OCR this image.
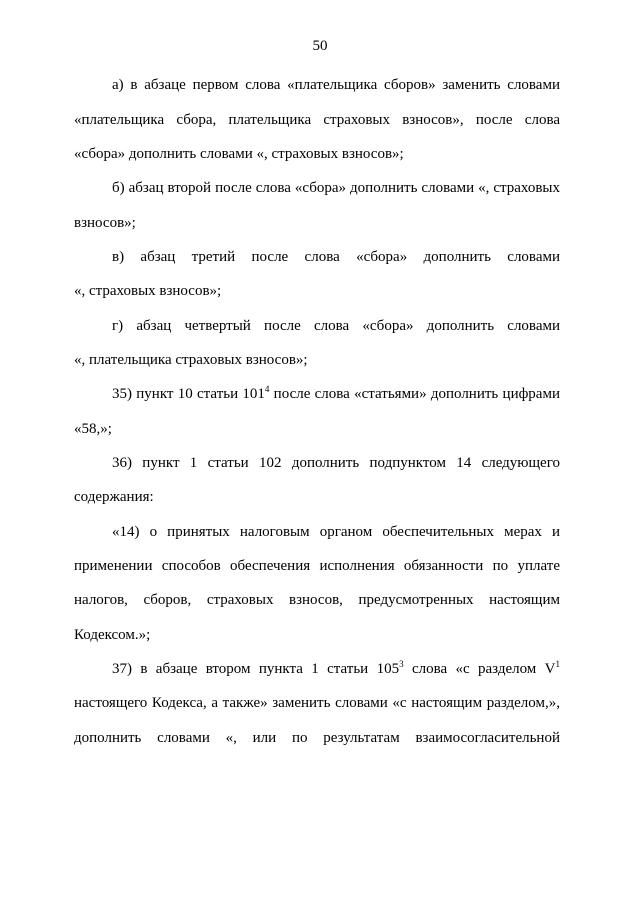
50
а) в абзаце первом слова «плательщика сборов» заменить словами
«плательщика сбора, плательщика страховых взносов», после слова
«сбора» дополнить словами «, страховых взносов»;
б) абзац второй после слова «сбора» дополнить словами «, страховых
взносов»;
в) абзац третий после слова «сбора» дополнить словами
«, страховых взносов»;
г) абзац четвертый после слова «сбора» дополнить словами
«, плательщика страховых взносов»;
35) пункт 10 статьи $101^4$ после слова «статьями» дополнить цифрами
«58,»;
36) пункт 1 статьи 102 дополнить подпунктом 14 следующего
содержания:
«14) о принятых налоговым органом обеспечительных мерах и
применении способов обеспечения исполнения обязанности по уплате
налогов, сборов, страховых взносов, предусмотренных настоящим
Кодексом.»;
37) в абзаце втором пункта 1 статьи $105^3$ слова «с разделом $V^1$
настоящего Кодекса, а также» заменить словами «с настоящим разделом,»,
дополнить словами «, или по результатам взаимосогласительной
